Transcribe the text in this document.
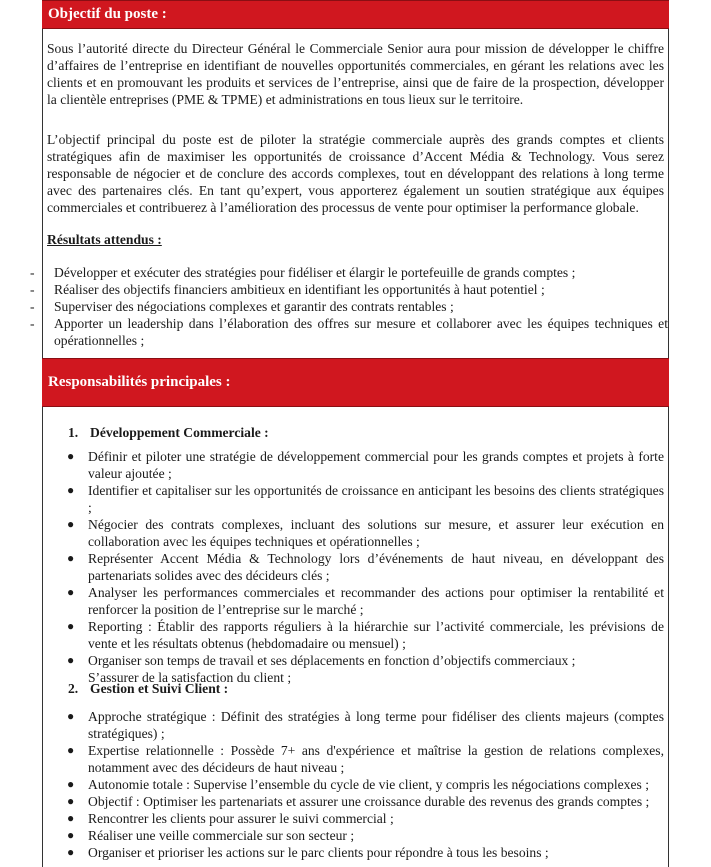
Objectif du poste :

Sous l’autorité directe du Directeur Général le Commerciale Senior aura pour mission de développer le chiffre d’affaires de l’entreprise en identifiant de nouvelles opportunités commerciales, en gérant les relations avec les clients et en promouvant les produits et services de l’entreprise, ainsi que de faire de la prospection, développer la clientèle entreprises (PME & TPME) et administrations en tous lieux sur le territoire.

L’objectif principal du poste est de piloter la stratégie commerciale auprès des grands comptes et clients stratégiques afin de maximiser les opportunités de croissance d’Accent Média & Technology. Vous serez responsable de négocier et de conclure des accords complexes, tout en développant des relations à long terme avec des partenaires clés. En tant qu’expert, vous apporterez également un soutien stratégique aux équipes commerciales et contribuerez à l’amélioration des processus de vente pour optimiser la performance globale.

Résultats attendus :

- Développer et exécuter des stratégies pour fidéliser et élargir le portefeuille de grands comptes ;
- Réaliser des objectifs financiers ambitieux en identifiant les opportunités à haut potentiel ;
- Superviser des négociations complexes et garantir des contrats rentables ;
- Apporter un leadership dans l’élaboration des offres sur mesure et collaborer avec les équipes techniques et opérationnelles ;
Responsabilités principales :

1. Développement Commerciale :

● Définir et piloter une stratégie de développement commercial pour les grands comptes et projets à forte valeur ajoutée ;
● Identifier et capitaliser sur les opportunités de croissance en anticipant les besoins des clients stratégiques ;
● Négocier des contrats complexes, incluant des solutions sur mesure, et assurer leur exécution en collaboration avec les équipes techniques et opérationnelles ;
● Représenter Accent Média & Technology lors d’événements de haut niveau, en développant des partenariats solides avec des décideurs clés ;
● Analyser les performances commerciales et recommander des actions pour optimiser la rentabilité et renforcer la position de l’entreprise sur le marché ;
● Reporting : Établir des rapports réguliers à la hiérarchie sur l’activité commerciale, les prévisions de vente et les résultats obtenus (hebdomadaire ou mensuel) ;
● Organiser son temps de travail et ses déplacements en fonction d’objectifs commerciaux ;
S’assurer de la satisfaction du client ;

2. Gestion et Suivi Client :

● Approche stratégique : Définit des stratégies à long terme pour fidéliser des clients majeurs (comptes stratégiques) ;
● Expertise relationnelle : Possède 7+ ans d'expérience et maîtrise la gestion de relations complexes, notamment avec des décideurs de haut niveau ;
● Autonomie totale : Supervise l’ensemble du cycle de vie client, y compris les négociations complexes ;
● Objectif : Optimiser les partenariats et assurer une croissance durable des revenus des grands comptes ;
● Rencontrer les clients pour assurer le suivi commercial ;
● Réaliser une veille commerciale sur son secteur ;
● Organiser et prioriser les actions sur le parc clients pour répondre à tous les besoins ;
